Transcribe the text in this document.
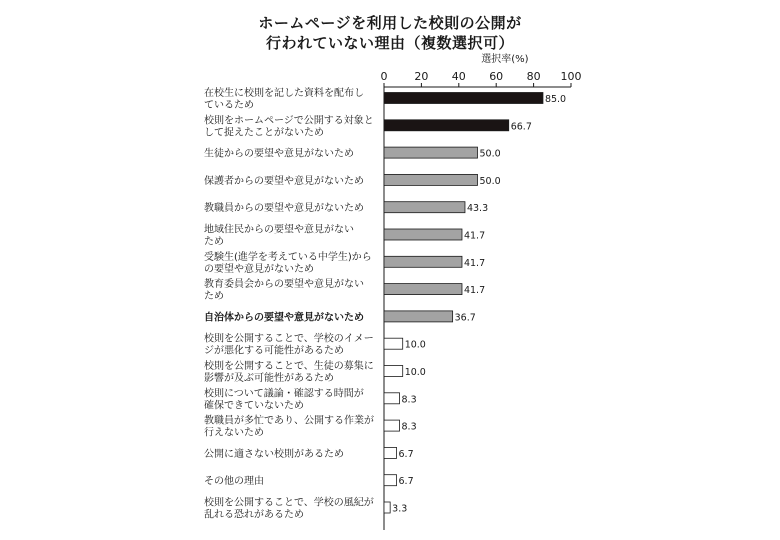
ホームページを利用した校則の公開が
行われていない理由（複数選択可）
選択率(%)
0 20 40 60 80 100
85.0
在校生に校則を記した資料を配布し
ているため
66.7
校則をホームページで公開する対象と
して捉えたことがないため
50.0
生徒からの要望や意見がないため
50.0
保護者からの要望や意見がないため
43.3
教職員からの要望や意見がないため
41.7
地域住民からの要望や意見がない
ため
41.7
受験生(進学を考えている中学生)から
の要望や意見がないため
41.7
教育委員会からの要望や意見がない
ため
36.7
自治体からの要望や意見がないため
10.0
校則を公開することで、学校のイメー
ジが悪化する可能性があるため
10.0
校則を公開することで、生徒の募集に
影響が及ぶ可能性があるため
8.3
校則について議論・確認する時間が
確保できていないため
8.3
教職員が多忙であり、公開する作業が
行えないため
6.7
公開に適さない校則があるため
6.7
その他の理由
3.3
校則を公開することで、学校の風紀が
乱れる恐れがあるため
